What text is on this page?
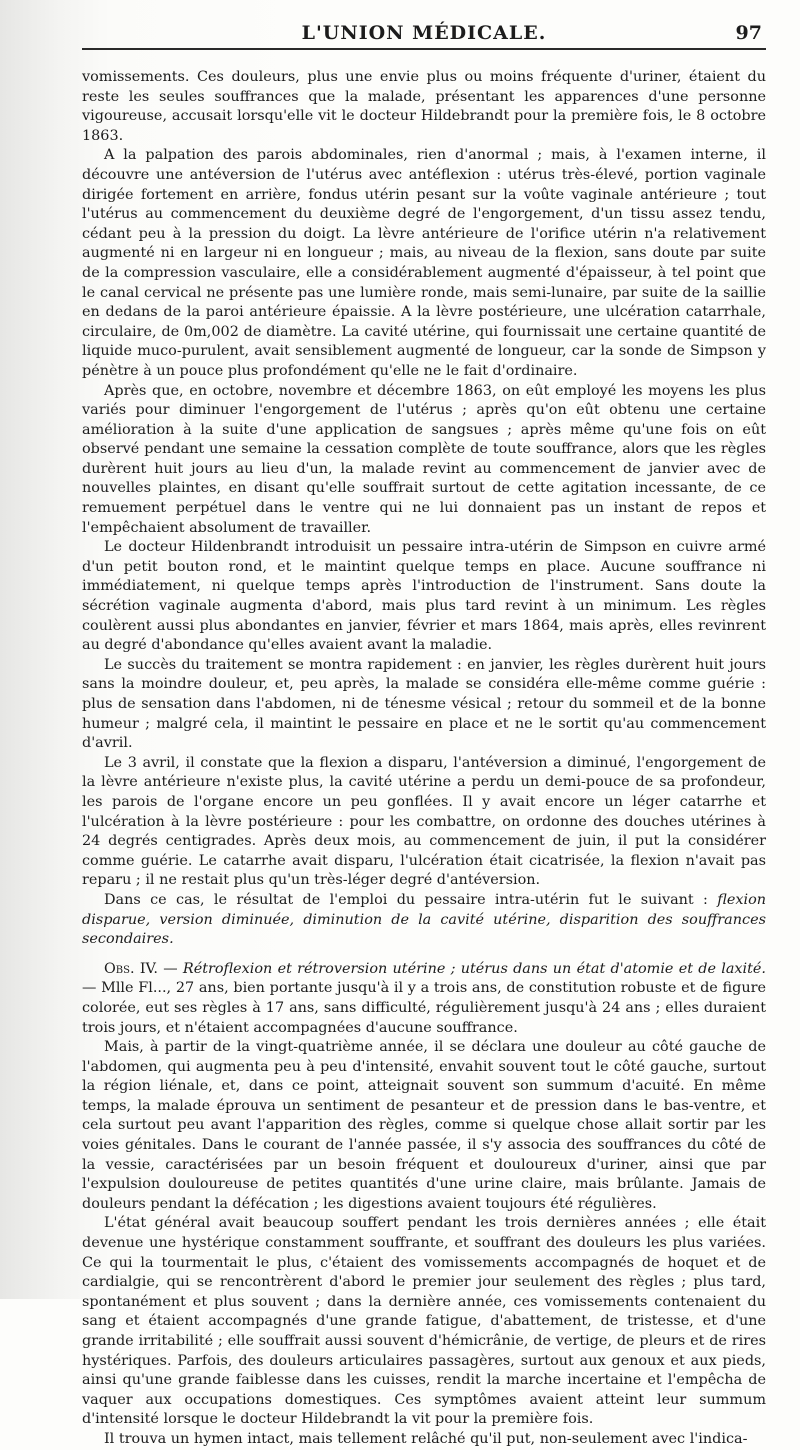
L'UNION MÉDICALE.	97

vomissements. Ces douleurs, plus une envie plus ou moins fréquente d'uriner, étaient du reste les seules souffrances que la malade, présentant les apparences d'une personne vigoureuse, accusait lorsqu'elle vit le docteur Hildebrandt pour la première fois, le 8 octobre 1863.

A la palpation des parois abdominales, rien d'anormal ; mais, à l'examen interne, il découvre une antéversion de l'utérus avec antéflexion : utérus très-élevé, portion vaginale dirigée fortement en arrière, fondus utérin pesant sur la voûte vaginale antérieure ; tout l'utérus au commencement du deuxième degré de l'engorgement, d'un tissu assez tendu, cédant peu à la pression du doigt. La lèvre antérieure de l'orifice utérin n'a relativement augmenté ni en largeur ni en longueur ; mais, au niveau de la flexion, sans doute par suite de la compression vasculaire, elle a considérablement augmenté d'épaisseur, à tel point que le canal cervical ne présente pas une lumière ronde, mais semi-lunaire, par suite de la saillie en dedans de la paroi antérieure épaissie. A la lèvre postérieure, une ulcération catarrhale, circulaire, de 0m,002 de diamètre. La cavité utérine, qui fournissait une certaine quantité de liquide muco-purulent, avait sensiblement augmenté de longueur, car la sonde de Simpson y pénètre à un pouce plus profondément qu'elle ne le fait d'ordinaire.

Après que, en octobre, novembre et décembre 1863, on eût employé les moyens les plus variés pour diminuer l'engorgement de l'utérus ; après qu'on eût obtenu une certaine amélioration à la suite d'une application de sangsues ; après même qu'une fois on eût observé pendant une semaine la cessation complète de toute souffrance, alors que les règles durèrent huit jours au lieu d'un, la malade revint au commencement de janvier avec de nouvelles plaintes, en disant qu'elle souffrait surtout de cette agitation incessante, de ce remuement perpétuel dans le ventre qui ne lui donnaient pas un instant de repos et l'empêchaient absolument de travailler.

Le docteur Hildenbrandt introduisit un pessaire intra-utérin de Simpson en cuivre armé d'un petit bouton rond, et le maintint quelque temps en place. Aucune souffrance ni immédiatement, ni quelque temps après l'introduction de l'instrument. Sans doute la sécrétion vaginale augmenta d'abord, mais plus tard revint à un minimum. Les règles coulèrent aussi plus abondantes en janvier, février et mars 1864, mais après, elles revinrent au degré d'abondance qu'elles avaient avant la maladie.

Le succès du traitement se montra rapidement : en janvier, les règles durèrent huit jours sans la moindre douleur, et, peu après, la malade se considéra elle-même comme guérie : plus de sensation dans l'abdomen, ni de ténesme vésical ; retour du sommeil et de la bonne humeur ; malgré cela, il maintint le pessaire en place et ne le sortit qu'au commencement d'avril.

Le 3 avril, il constate que la flexion a disparu, l'antéversion a diminué, l'engorgement de la lèvre antérieure n'existe plus, la cavité utérine a perdu un demi-pouce de sa profondeur, les parois de l'organe encore un peu gonflées. Il y avait encore un léger catarrhe et l'ulcération à la lèvre postérieure : pour les combattre, on ordonne des douches utérines à 24 degrés centigrades. Après deux mois, au commencement de juin, il put la considérer comme guérie. Le catarrhe avait disparu, l'ulcération était cicatrisée, la flexion n'avait pas reparu ; il ne restait plus qu'un très-léger degré d'antéversion.

Dans ce cas, le résultat de l'emploi du pessaire intra-utérin fut le suivant : flexion disparue, version diminuée, diminution de la cavité utérine, disparition des souffrances secondaires.

Obs. IV. — Rétroflexion et rétroversion utérine ; utérus dans un état d'atomie et de laxité. — Mlle Fl..., 27 ans, bien portante jusqu'à il y a trois ans, de constitution robuste et de figure colorée, eut ses règles à 17 ans, sans difficulté, régulièrement jusqu'à 24 ans ; elles duraient trois jours, et n'étaient accompagnées d'aucune souffrance.

Mais, à partir de la vingt-quatrième année, il se déclara une douleur au côté gauche de l'abdomen, qui augmenta peu à peu d'intensité, envahit souvent tout le côté gauche, surtout la région liénale, et, dans ce point, atteignait souvent son summum d'acuité. En même temps, la malade éprouva un sentiment de pesanteur et de pression dans le bas-ventre, et cela surtout peu avant l'apparition des règles, comme si quelque chose allait sortir par les voies génitales. Dans le courant de l'année passée, il s'y associa des souffrances du côté de la vessie, caractérisées par un besoin fréquent et douloureux d'uriner, ainsi que par l'expulsion douloureuse de petites quantités d'une urine claire, mais brûlante. Jamais de douleurs pendant la défécation ; les digestions avaient toujours été régulières.

L'état général avait beaucoup souffert pendant les trois dernières années ; elle était devenue une hystérique constamment souffrante, et souffrant des douleurs les plus variées. Ce qui la tourmentait le plus, c'étaient des vomissements accompagnés de hoquet et de cardialgie, qui se rencontrèrent d'abord le premier jour seulement des règles ; plus tard, spontanément et plus souvent ; dans la dernière année, ces vomissements contenaient du sang et étaient accompagnés d'une grande fatigue, d'abattement, de tristesse, et d'une grande irritabilité ; elle souffrait aussi souvent d'hémicrânie, de vertige, de pleurs et de rires hystériques. Parfois, des douleurs articulaires passagères, surtout aux genoux et aux pieds, ainsi qu'une grande faiblesse dans les cuisses, rendit la marche incertaine et l'empêcha de vaquer aux occupations domestiques. Ces symptômes avaient atteint leur summum d'intensité lorsque le docteur Hildebrandt la vit pour la première fois.

Il trouva un hymen intact, mais tellement relâché qu'il put, non-seulement avec l'indica-
